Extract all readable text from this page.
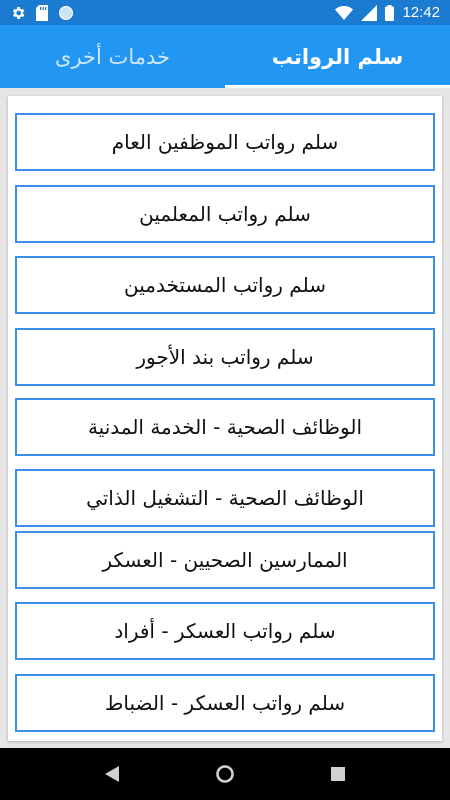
12:42
خدمات أخرى	سلم الرواتب
سلم رواتب الموظفين العام
سلم رواتب المعلمين
سلم رواتب المستخدمين
سلم رواتب بند الأجور
الوظائف الصحية - الخدمة المدنية
الوظائف الصحية - التشغيل الذاتي
الممارسين الصحيين - العسكر
سلم رواتب العسكر - أفراد
سلم رواتب العسكر - الضباط
